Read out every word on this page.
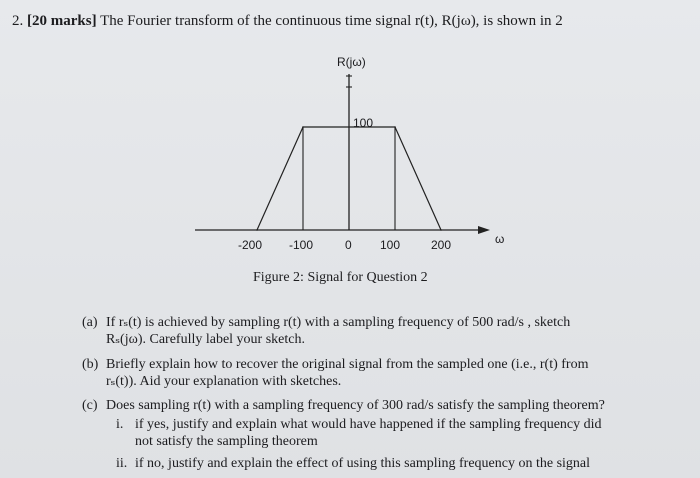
2. [20 marks] The Fourier transform of the continuous time signal r(t), R(jω), is shown in 2
R(jω)
ω
100
-200 -100	0 100	200
Figure 2: Signal for Question 2
(a) If rₛ(t) is achieved by sampling r(t) with a sampling frequency of 500 rad/s , sketch
Rₛ(jω). Carefully label your sketch.
(b) Briefly explain how to recover the original signal from the sampled one (i.e., r(t) from
rₛ(t)). Aid your explanation with sketches.
(c) Does sampling r(t) with a sampling frequency of 300 rad/s satisfy the sampling theorem?
i. if yes, justify and explain what would have happened if the sampling frequency did
not satisfy the sampling theorem
ii. if no, justify and explain the effect of using this sampling frequency on the signal
